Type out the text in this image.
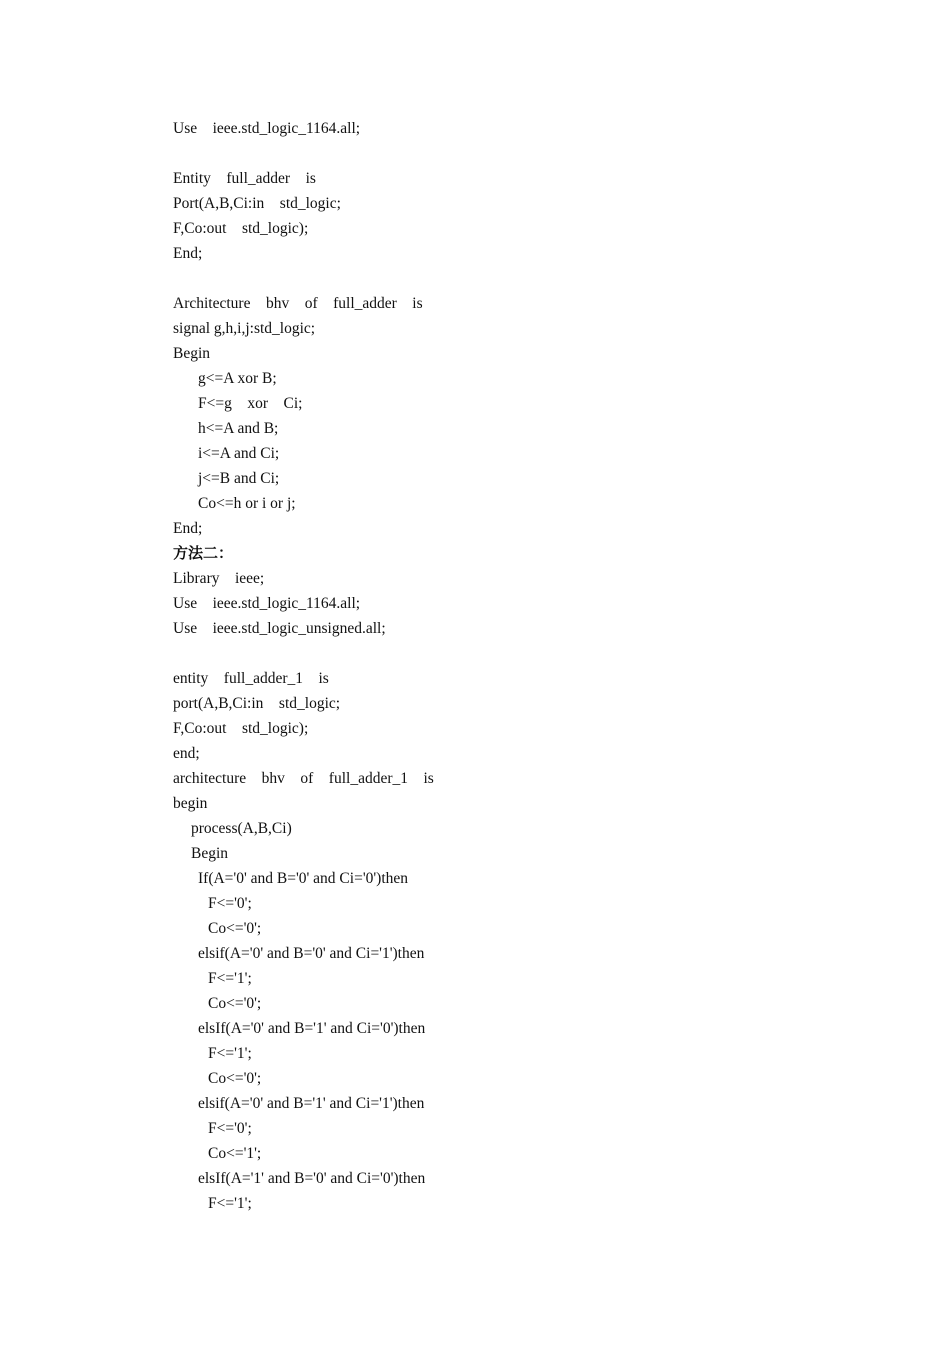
Use    ieee.std_logic_1164.all;
Entity    full_adder    is
Port(A,B,Ci:in    std_logic;
F,Co:out    std_logic);
End;
Architecture    bhv    of    full_adder    is
signal g,h,i,j:std_logic;
Begin
g<=A xor B;
F<=g    xor    Ci;
h<=A and B;
i<=A and Ci;
j<=B and Ci;
Co<=h or i or j;
End;
方法二：
Library    ieee;
Use    ieee.std_logic_1164.all;
Use    ieee.std_logic_unsigned.all;
entity    full_adder_1    is
port(A,B,Ci:in    std_logic;
F,Co:out    std_logic);
end;
architecture    bhv    of    full_adder_1    is
begin
process(A,B,Ci)
Begin
If(A='0' and B='0' and Ci='0')then
F<='0';
Co<='0';
elsif(A='0' and B='0' and Ci='1')then
F<='1';
Co<='0';
elsIf(A='0' and B='1' and Ci='0')then
F<='1';
Co<='0';
elsif(A='0' and B='1' and Ci='1')then
F<='0';
Co<='1';
elsIf(A='1' and B='0' and Ci='0')then
F<='1';
